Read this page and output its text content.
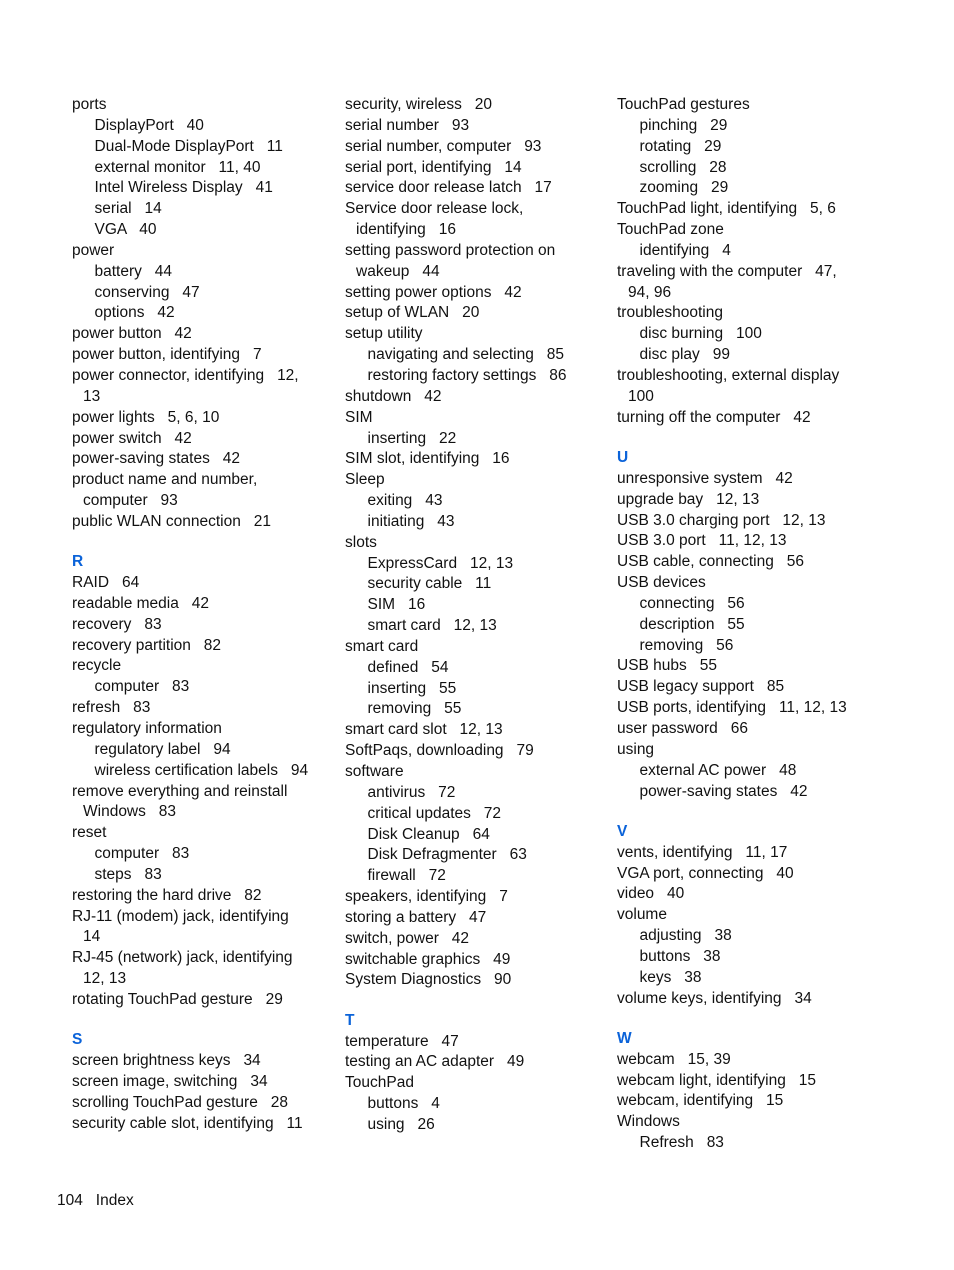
ports
DisplayPort   40
Dual-Mode DisplayPort   11
external monitor   11, 40
Intel Wireless Display   41
serial   14
VGA   40
power
battery   44
conserving   47
options   42
power button   42
power button, identifying   7
power connector, identifying   12,
13
power lights   5, 6, 10
power switch   42
power-saving states   42
product name and number,
computer   93
public WLAN connection   21
R
RAID   64
readable media   42
recovery   83
recovery partition   82
recycle
computer   83
refresh   83
regulatory information
regulatory label   94
wireless certification labels   94
remove everything and reinstall
Windows   83
reset
computer   83
steps   83
restoring the hard drive   82
RJ-11 (modem) jack, identifying
14
RJ-45 (network) jack, identifying
12, 13
rotating TouchPad gesture   29
S
screen brightness keys   34
screen image, switching   34
scrolling TouchPad gesture   28
security cable slot, identifying   11
security, wireless   20
serial number   93
serial number, computer   93
serial port, identifying   14
service door release latch   17
Service door release lock,
identifying   16
setting password protection on
wakeup   44
setting power options   42
setup of WLAN   20
setup utility
navigating and selecting   85
restoring factory settings   86
shutdown   42
SIM
inserting   22
SIM slot, identifying   16
Sleep
exiting   43
initiating   43
slots
ExpressCard   12, 13
security cable   11
SIM   16
smart card   12, 13
smart card
defined   54
inserting   55
removing   55
smart card slot   12, 13
SoftPaqs, downloading   79
software
antivirus   72
critical updates   72
Disk Cleanup   64
Disk Defragmenter   63
firewall   72
speakers, identifying   7
storing a battery   47
switch, power   42
switchable graphics   49
System Diagnostics   90
T
temperature   47
testing an AC adapter   49
TouchPad
buttons   4
using   26
TouchPad gestures
pinching   29
rotating   29
scrolling   28
zooming   29
TouchPad light, identifying   5, 6
TouchPad zone
identifying   4
traveling with the computer   47,
94, 96
troubleshooting
disc burning   100
disc play   99
troubleshooting, external display
100
turning off the computer   42
U
unresponsive system   42
upgrade bay   12, 13
USB 3.0 charging port   12, 13
USB 3.0 port   11, 12, 13
USB cable, connecting   56
USB devices
connecting   56
description   55
removing   56
USB hubs   55
USB legacy support   85
USB ports, identifying   11, 12, 13
user password   66
using
external AC power   48
power-saving states   42
V
vents, identifying   11, 17
VGA port, connecting   40
video   40
volume
adjusting   38
buttons   38
keys   38
volume keys, identifying   34
W
webcam   15, 39
webcam light, identifying   15
webcam, identifying   15
Windows
Refresh   83
104   Index
